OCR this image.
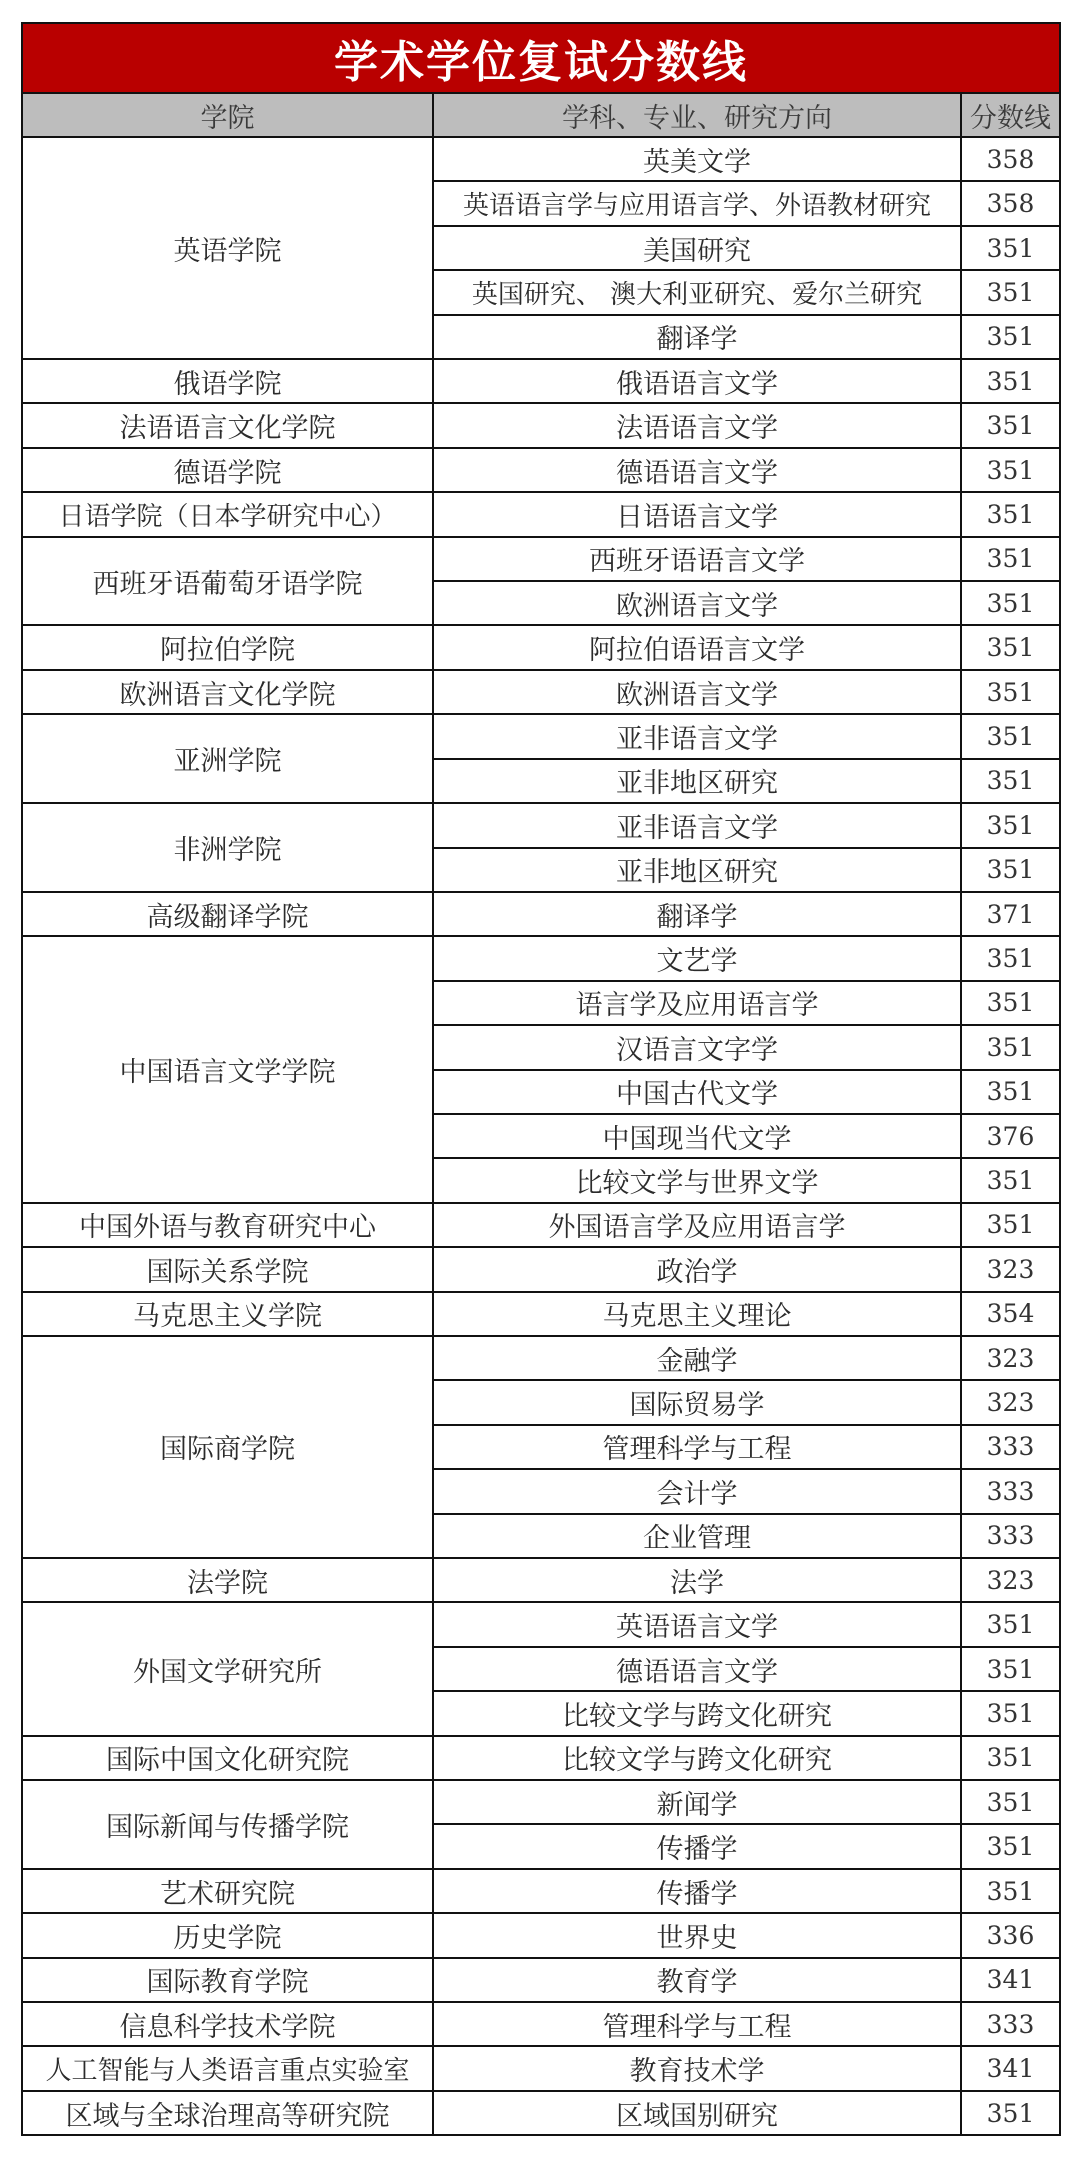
学术学位复试分数线		
学院	学科、专业、研究方向	分数线
英语学院	英美文学	358
	英语语言学与应用语言学、外语教材研究	358
	美国研究	351
	英国研究、 澳大利亚研究、爱尔兰研究	351
	翻译学	351
俄语学院	俄语语言文学	351
法语语言文化学院	法语语言文学	351
德语学院	德语语言文学	351
日语学院（日本学研究中心）	日语语言文学	351
西班牙语葡萄牙语学院	西班牙语语言文学	351
	欧洲语言文学	351
阿拉伯学院	阿拉伯语语言文学	351
欧洲语言文化学院	欧洲语言文学	351
亚洲学院	亚非语言文学	351
	亚非地区研究	351
非洲学院	亚非语言文学	351
	亚非地区研究	351
高级翻译学院	翻译学	371
中国语言文学学院	文艺学	351
	语言学及应用语言学	351
	汉语言文字学	351
	中国古代文学	351
	中国现当代文学	376
	比较文学与世界文学	351
中国外语与教育研究中心	外国语言学及应用语言学	351
国际关系学院	政治学	323
马克思主义学院	马克思主义理论	354
国际商学院	金融学	323
	国际贸易学	323
	管理科学与工程	333
	会计学	333
	企业管理	333
法学院	法学	323
外国文学研究所	英语语言文学	351
	德语语言文学	351
	比较文学与跨文化研究	351
国际中国文化研究院	比较文学与跨文化研究	351
国际新闻与传播学院	新闻学	351
	传播学	351
艺术研究院	传播学	351
历史学院	世界史	336
国际教育学院	教育学	341
信息科学技术学院	管理科学与工程	333
人工智能与人类语言重点实验室	教育技术学	341
区域与全球治理高等研究院	区域国别研究	351
